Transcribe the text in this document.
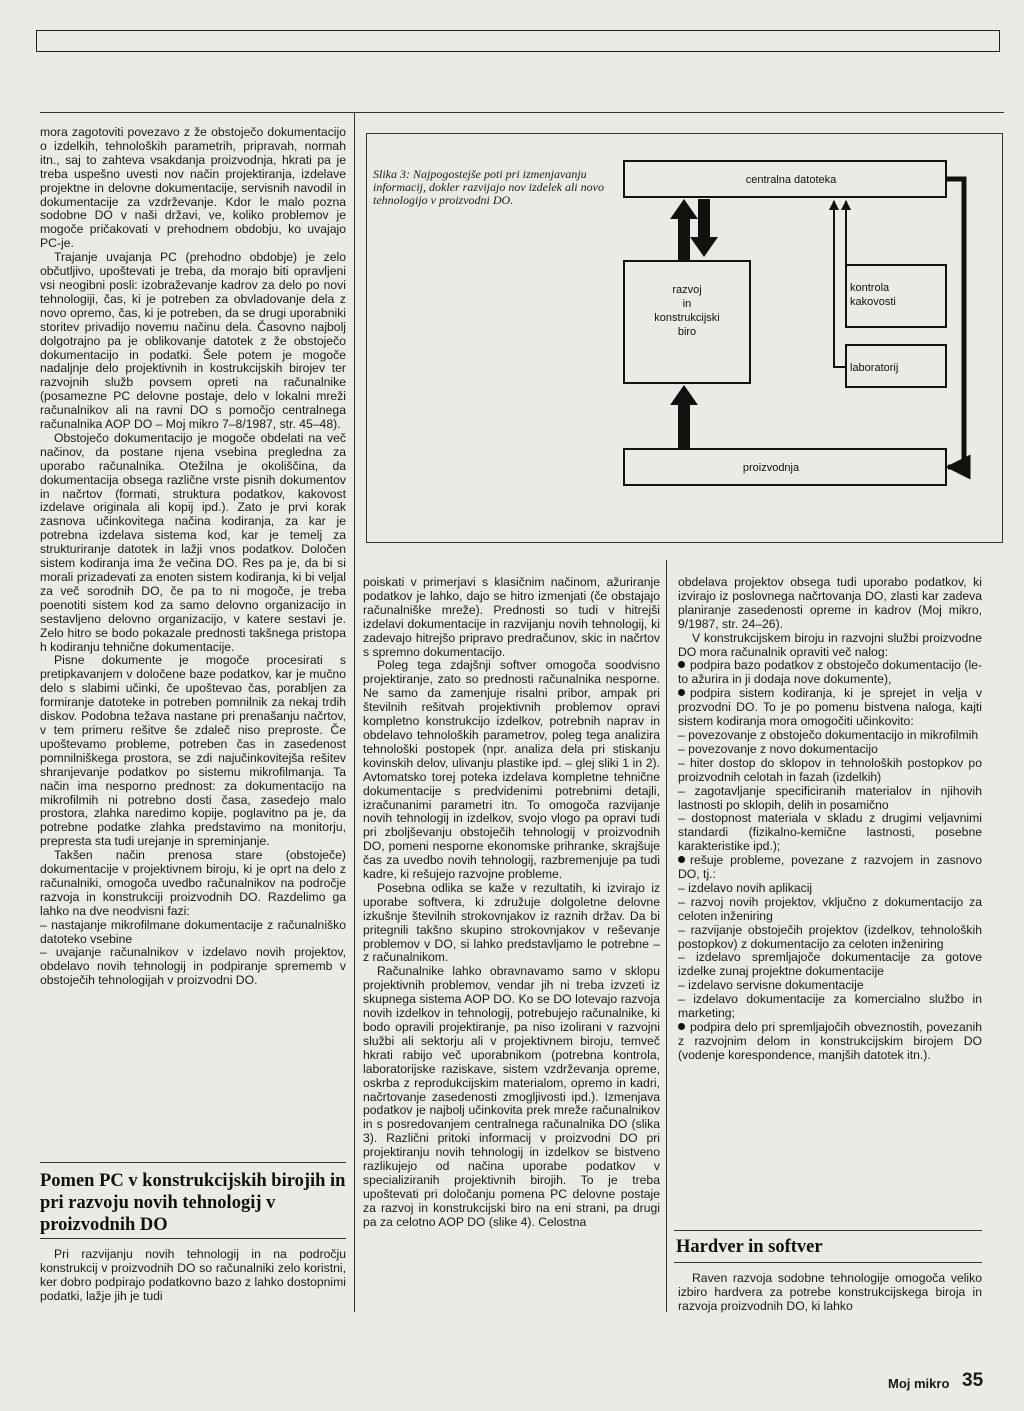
mora zagotoviti povezavo z že obstoječo dokumentacijo o izdelkih, tehnoloških parametrih, pripravah, normah itn., saj to zahteva vsakdanja proizvodnja, hkrati pa je treba uspešno uvesti nov način projektiranja, izdelave projektne in delovne dokumentacije, servisnih navodil in dokumentacije za vzdrževanje. Kdor le malo pozna sodobne DO v naši državi, ve, koliko problemov je mogoče pričakovati v prehodnem obdobju, ko uvajajo PC-je.

Trajanje uvajanja PC (prehodno obdobje) je zelo občutljivo, upoštevati je treba, da morajo biti opravljeni vsi neogibni posli: izobraževanje kadrov za delo po novi tehnologiji, čas, ki je potreben za obvladovanje dela z novo opremo, čas, ki je potreben, da se drugi uporabniki storitev privadijo novemu načinu dela. Časovno najbolj dolgotrajno pa je oblikovanje datotek z že obstoječo dokumentacijo in podatki. Šele potem je mogoče nadaljnje delo projektivnih in kostrukcijskih birojev ter razvojnih služb povsem opreti na računalnike (posamezne PC delovne postaje, delo v lokalni mreži računalnikov ali na ravni DO s pomočjo centralnega računalnika AOP DO – Moj mikro 7–8/1987, str. 45–48).

Obstoječo dokumentacijo je mogoče obdelati na več načinov, da postane njena vsebina pregledna za uporabo računalnika. Otežilna je okoliščina, da dokumentacija obsega različne vrste pisnih dokumentov in načrtov (formati, struktura podatkov, kakovost izdelave originala ali kopij ipd.). Zato je prvi korak zasnova učinkovitega načina kodiranja, za kar je potrebna izdelava sistema kod, kar je temelj za strukturiranje datotek in lažji vnos podatkov. Določen sistem kodiranja ima že večina DO. Res pa je, da bi si morali prizadevati za enoten sistem kodiranja, ki bi veljal za več sorodnih DO, če pa to ni mogoče, je treba poenotiti sistem kod za samo delovno organizacijo in sestavljeno delovno organizacijo, v katere sestavi je. Zelo hitro se bodo pokazale prednosti takšnega pristopa h kodiranju tehnične dokumentacije.

Pisne dokumente je mogoče procesirati s pretipkavanjem v določene baze podatkov, kar je mučno delo s slabimi učinki, če upoštevao čas, porabljen za formiranje datoteke in potreben pomnilnik za nekaj trdih diskov. Podobna težava nastane pri prenašanju načrtov, v tem primeru rešitve še zdaleč niso preproste. Če upoštevamo probleme, potreben čas in zasedenost pomnilniškega prostora, se zdi najučinkovitejša rešitev shranjevanje podatkov po sistemu mikrofilmanja. Ta način ima nesporno prednost: za dokumentacijo na mikrofilmih ni potrebno dosti časa, zasedejo malo prostora, zlahka naredimo kopije, poglavitno pa je, da potrebne podatke zlahka predstavimo na monitorju, prepresta sta tudi urejanje in spreminjanje.

Takšen način prenosa stare (obstoječe) dokumentacije v projektivnem biroju, ki je oprt na delo z računalniki, omogoča uvedbo računalnikov na področje razvoja in konstrukciji proizvodnih DO. Razdelimo ga lahko na dve neodvisni fazi:

– nastajanje mikrofilmane dokumentacije z računalniško datoteko vsebine

– uvajanje računalnikov v izdelavo novih projektov, obdelavo novih tehnologij in podpiranje sprememb v obstoječih tehnologijah v proizvodni DO.

Pomen PC v konstrukcijskih birojih in pri razvoju novih tehnologij v proizvodnih DO

Pri razvijanju novih tehnologij in na področju konstrukcij v proizvodnih DO so računalniki zelo koristni, ker dobro podpirajo podatkovno bazo z lahko dostopnimi podatki, lažje jih je tudi

Slika 3: Najpogostejše poti pri izmenjavanju informacij, dokler razvijajo nov izdelek ali novo tehnologijo v proizvodni DO.
centralna datoteka
razvoj
in
konstrukcijski
biro
kontrola
kakovosti
laboratorij
proizvodnja

poiskati v primerjavi s klasičnim načinom, ažuriranje podatkov je lahko, dajo se hitro izmenjati (če obstajajo računalniške mreže). Prednosti so tudi v hitrejši izdelavi dokumentacije in razvijanju novih tehnologij, ki zadevajo hitrejšo pripravo predračunov, skic in načrtov s spremno dokumentacijo.

Poleg tega zdajšnji softver omogoča soodvisno projektiranje, zato so prednosti računalnika nesporne. Ne samo da zamenjuje risalni pribor, ampak pri številnih rešitvah projektivnih problemov opravi kompletno konstrukcijo izdelkov, potrebnih naprav in obdelavo tehnoloških parametrov, poleg tega analizira tehnološki postopek (npr. analiza dela pri stiskanju kovinskih delov, ulivanju plastike ipd. – glej sliki 1 in 2). Avtomatsko torej poteka izdelava kompletne tehnične dokumentacije s predvidenimi potrebnimi detajli, izračunanimi parametri itn. To omogoča razvijanje novih tehnologij in izdelkov, svojo vlogo pa opravi tudi pri zboljševanju obstoječih tehnologij v proizvodnih DO, pomeni nesporne ekonomske prihranke, skrajšuje čas za uvedbo novih tehnologij, razbremenjuje pa tudi kadre, ki rešujejo razvojne probleme.

Posebna odlika se kaže v rezultatih, ki izvirajo iz uporabe softvera, ki združuje dolgoletne delovne izkušnje številnih strokovnjakov iz raznih držav. Da bi pritegnili takšno skupino strokovnjakov v reševanje problemov v DO, si lahko predstavljamo le potrebne – z računalnikom.

Računalnike lahko obravnavamo samo v sklopu projektivnih problemov, vendar jih ni treba izvzeti iz skupnega sistema AOP DO. Ko se DO lotevajo razvoja novih izdelkov in tehnologij, potrebujejo računalnike, ki bodo opravili projektiranje, pa niso izolirani v razvojni službi ali sektorju ali v projektivnem biroju, temveč hkrati rabijo več uporabnikom (potrebna kontrola, laboratorijske raziskave, sistem vzdrževanja opreme, oskrba z reprodukcijskim materialom, opremo in kadri, načrtovanje zasedenosti zmogljivosti ipd.). Izmenjava podatkov je najbolj učinkovita prek mreže računalnikov in s posredovanjem centralnega računalnika DO (slika 3). Različni pritoki informacij v proizvodni DO pri projektiranju novih tehnologij in izdelkov se bistveno razlikujejo od načina uporabe podatkov v specializiranih projektivnih birojih. To je treba upoštevati pri določanju pomena PC delovne postaje za razvoj in konstrukcijski biro na eni strani, pa drugi pa za celotno AOP DO (slike 4). Celostna

obdelava projektov obsega tudi uporabo podatkov, ki izvirajo iz poslovnega načrtovanja DO, zlasti kar zadeva planiranje zasedenosti opreme in kadrov (Moj mikro, 9/1987, str. 24–26).

V konstrukcijskem biroju in razvojni službi proizvodne DO mora računalnik opraviti več nalog:

podpira bazo podatkov z obstoječo dokumentacijo (le-to ažurira in ji dodaja nove dokumente),

podpira sistem kodiranja, ki je sprejet in velja v prozvodni DO. To je po pomenu bistvena naloga, kajti sistem kodiranja mora omogočiti učinkovito:

– povezovanje z obstoječo dokumentacijo in mikrofilmih

– povezovanje z novo dokumentacijo

– hiter dostop do sklopov in tehnoloških postopkov po proizvodnih celotah in fazah (izdelkih)

– zagotavljanje specificiranih materialov in njihovih lastnosti po sklopih, delih in posamično

– dostopnost materiala v skladu z drugimi veljavnimi standardi (fizikalno-kemične lastnosti, posebne karakteristike ipd.);

rešuje probleme, povezane z razvojem in zasnovo DO, tj.:

– izdelavo novih aplikacij

– razvoj novih projektov, vključno z dokumentacijo za celoten inženiring

– razvijanje obstoječih projektov (izdelkov, tehnoloških postopkov) z dokumentacijo za celoten inženiring

– izdelavo spremljajoče dokumentacije za gotove izdelke zunaj projektne dokumentacije

– izdelavo servisne dokumentacije

– izdelavo dokumentacije za komercialno službo in marketing;

podpira delo pri spremljajočih obveznostih, povezanih z razvojnim delom in konstrukcijskim birojem DO (vodenje korespondence, manjših datotek itn.).

Hardver in softver

Raven razvoja sodobne tehnologije omogoča veliko izbiro hardvera za potrebe konstrukcijskega biroja in razvoja proizvodnih DO, ki lahko

Moj mikro 35
